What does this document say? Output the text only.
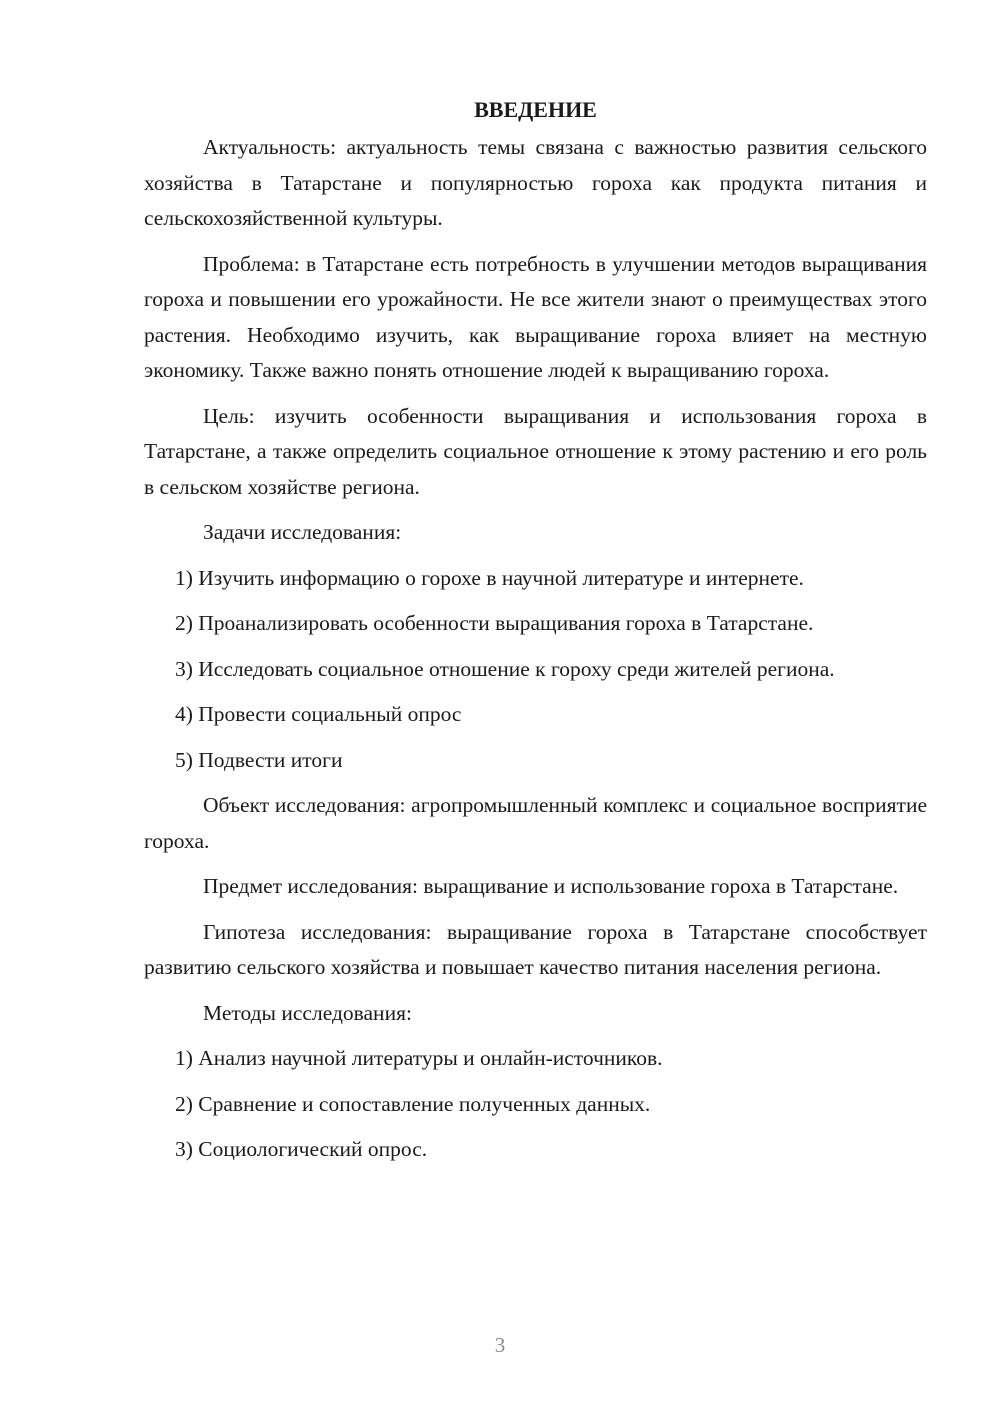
ВВЕДЕНИЕ

Актуальность: актуальность темы связана с важностью развития сельского хозяйства в Татарстане и популярностью гороха как продукта питания и сельскохозяйственной культуры.

Проблема: в Татарстане есть потребность в улучшении методов выращивания гороха и повышении его урожайности. Не все жители знают о преимуществах этого растения. Необходимо изучить, как выращивание гороха влияет на местную экономику. Также важно понять отношение людей к выращиванию гороха.

Цель: изучить особенности выращивания и использования гороха в Татарстане, а также определить социальное отношение к этому растению и его роль в сельском хозяйстве региона.

Задачи исследования:

1) Изучить информацию о горохе в научной литературе и интернете.

2) Проанализировать особенности выращивания гороха в Татарстане.

3) Исследовать социальное отношение к гороху среди жителей региона.

4) Провести социальный опрос

5) Подвести итоги

Объект исследования: агропромышленный комплекс и социальное восприятие гороха.

Предмет исследования: выращивание и использование гороха в Татарстане.

Гипотеза исследования: выращивание гороха в Татарстане способствует развитию сельского хозяйства и повышает качество питания населения региона.

Методы исследования:

1) Анализ научной литературы и онлайн-источников.

2) Сравнение и сопоставление полученных данных.

3) Социологический опрос.

3
